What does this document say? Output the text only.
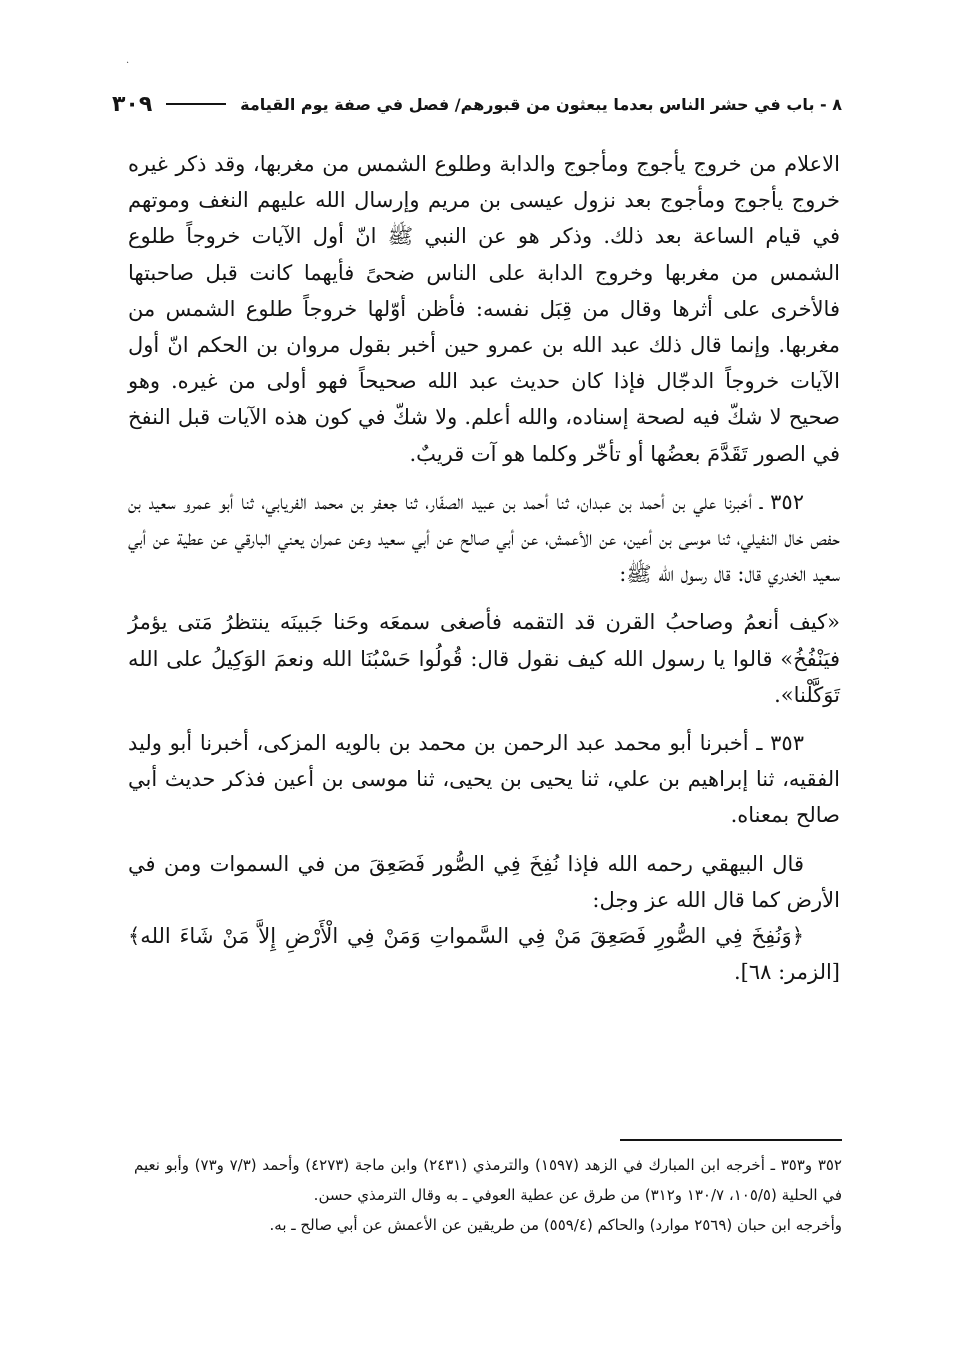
·
٨ - باب في حشر الناس بعدما يبعثون من قبورهم/ فصل في صفة يوم القيامة
٣٠٩

الاعلام من خروج يأجوج ومأجوج والدابة وطلوع الشمس من مغربها، وقد ذكر غيره خروج يأجوج ومأجوج بعد نزول عيسى بن مريم وإرسال الله عليهم النغف وموتهم في قيام الساعة بعد ذلك. وذكر هو عن النبي ﷺ انّ أول الآيات خروجاً طلوع الشمس من مغربها وخروج الدابة على الناس ضحىً فأيهما كانت قبل صاحبتها فالأخرى على أثرها وقال من قِبَل نفسه: فأظن أوّلها خروجاً طلوع الشمس من مغربها. وإنما قال ذلك عبد الله بن عمرو حين أخبر بقول مروان بن الحكم انّ أول الآيات خروجاً الدجّال فإذا كان حديث عبد الله صحيحاً فهو أولى من غيره. وهو صحيح لا شكّ فيه لصحة إسناده، والله أعلم. ولا شكّ في كون هذه الآيات قبل النفخ في الصور تَقَدَّمَ بعضُها أو تأخّر وكلما هو آت قريبٌ.

٣٥٢ ـ أخبرنا علي بن أحمد بن عبدان، ثنا أحمد بن عبيد الصفّار، ثنا جعفر بن محمد الفريابي، ثنا أبو عمرو سعيد بن حفص خال النفيلي، ثنا موسى بن أعين، عن الأعمش، عن أبي صالح عن أبي سعيد وعن عمران يعني البارقي عن عطية عن أبي سعيد الخدري قال: قال رسول الله ﷺ:

«كيف أنعمُ وصاحبُ القرن قد التقمه فأصغى سمعَه وحَنا جَبينَه ينتظرُ مَتى يؤمرُ فيَنْفُخُ» قالوا يا رسول الله كيف نقول قال: قُولُوا حَسْبُنَا الله ونعمَ الوَكِيلُ على الله تَوَكَّلْنا».

٣٥٣ ـ أخبرنا أبو محمد عبد الرحمن بن محمد بن بالويه المزكى، أخبرنا أبو وليد الفقيه، ثنا إبراهيم بن علي، ثنا يحيى بن يحيى، ثنا موسى بن أعين فذكر حديث أبي صالح بمعناه.

قال البيهقي رحمه الله فإذا نُفِخَ فِي الصُّور فَصَعِقَ من في السموات ومن في الأرض كما قال الله عز وجل:

﴿وَنُفِخَ فِي الصُّورِ فَصَعِقَ مَنْ فِي السَّمواتِ وَمَنْ فِي الْأَرْضِ إِلاَّ مَنْ شَاءَ الله﴾ [الزمر: ٦٨].

٣٥٢ و٣٥٣ ـ أخرجه ابن المبارك في الزهد (١٥٩٧) والترمذي (٢٤٣١) وابن ماجة (٤٢٧٣) وأحمد (٧/٣ و٧٣) وأبو نعيم في الحلية (١٠٥/٥، ١٣٠/٧ و٣١٢) من طرق عن عطية العوفي ـ به وقال الترمذي حسن.

وأخرجه ابن حبان (٢٥٦٩ موارد) والحاكم (٥٥٩/٤) من طريقين عن الأعمش عن أبي صالح ـ به.
